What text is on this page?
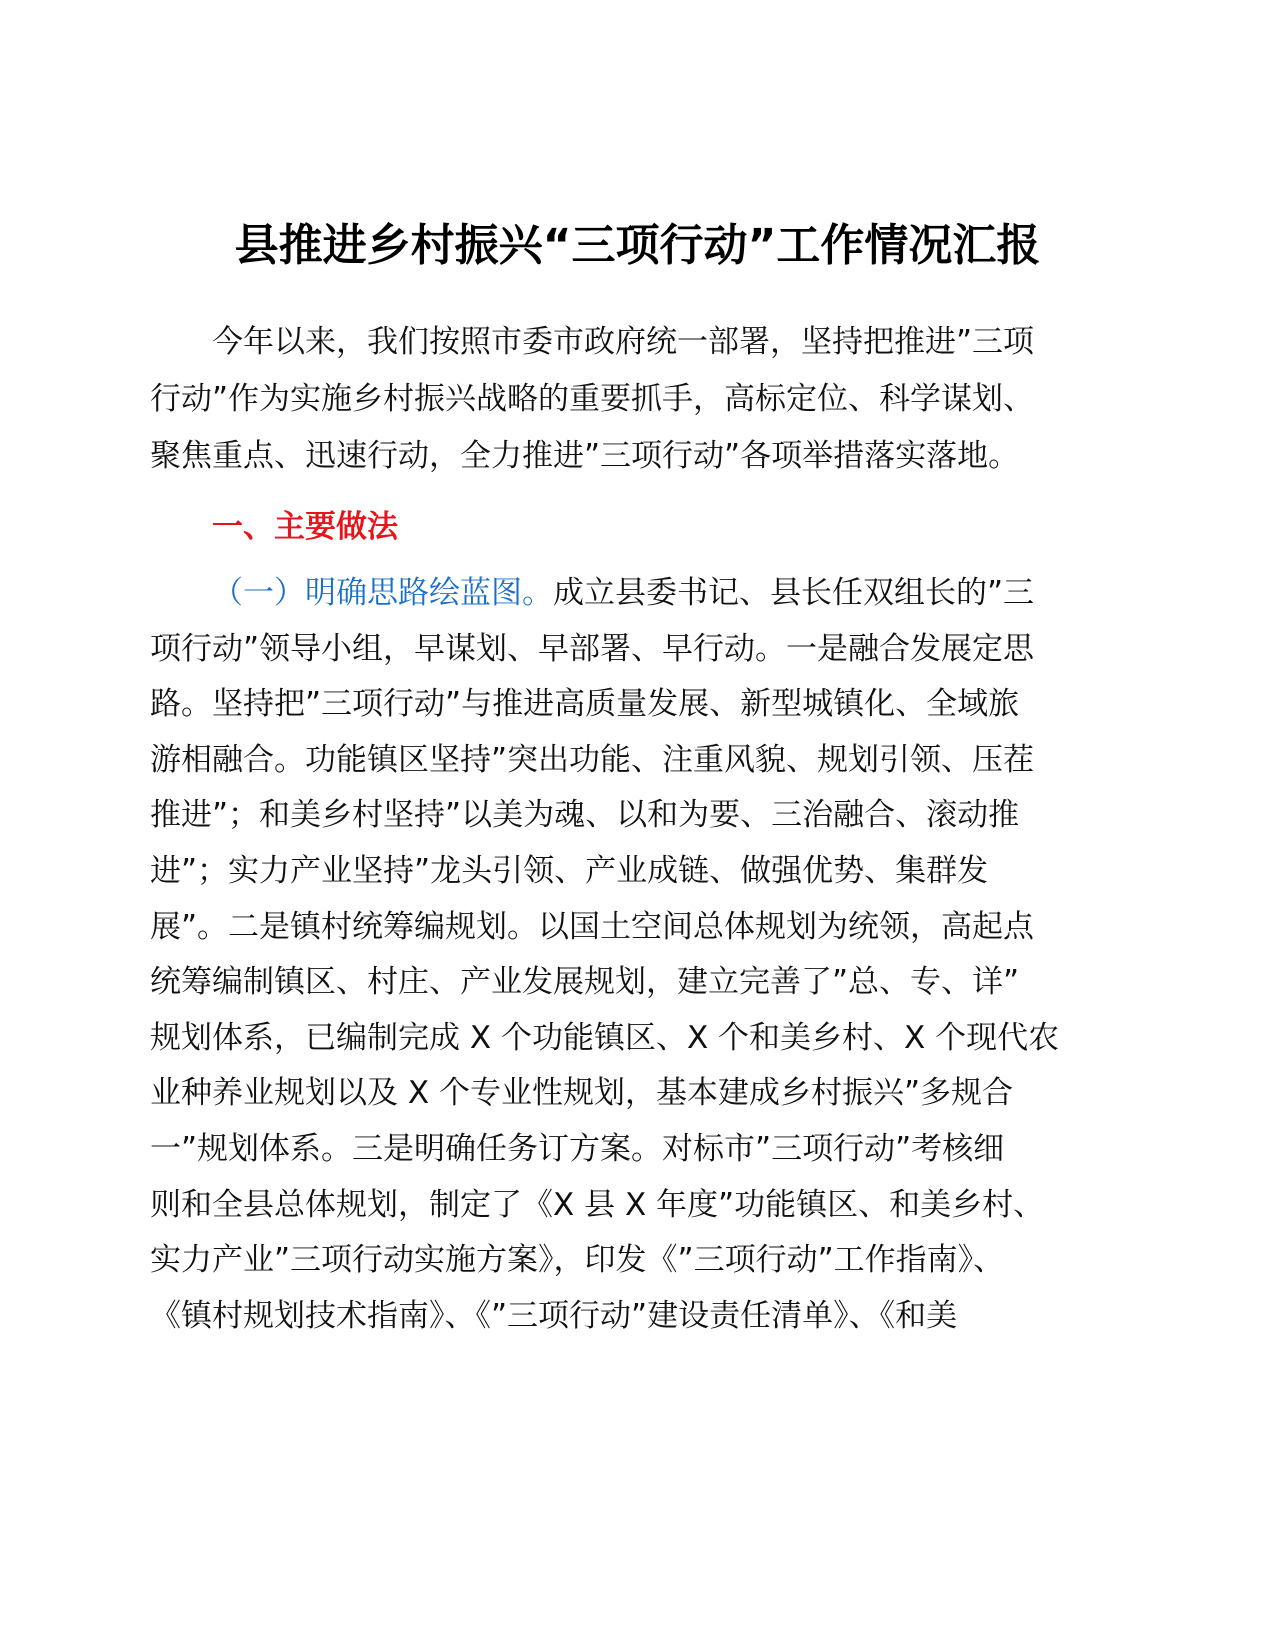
县推进乡村振兴“三项行动”工作情况汇报

今年以来，我们按照市委市政府统一部署，坚持把推进”三项
行动”作为实施乡村振兴战略的重要抓手，高标定位、科学谋划、
聚焦重点、迅速行动，全力推进”三项行动”各项举措落实落地。

一、主要做法

（一）明确思路绘蓝图。成立县委书记、县长任双组长的”三
项行动”领导小组，早谋划、早部署、早行动。一是融合发展定思
路。坚持把”三项行动”与推进高质量发展、新型城镇化、全域旅
游相融合。功能镇区坚持”突出功能、注重风貌、规划引领、压茬
推进”；和美乡村坚持”以美为魂、以和为要、三治融合、滚动推
进”；实力产业坚持”龙头引领、产业成链、做强优势、集群发
展”。二是镇村统筹编规划。以国土空间总体规划为统领，高起点
统筹编制镇区、村庄、产业发展规划，建立完善了”总、专、详”
规划体系，已编制完成 X 个功能镇区、X 个和美乡村、X 个现代农
业种养业规划以及 X 个专业性规划，基本建成乡村振兴”多规合
一”规划体系。三是明确任务订方案。对标市”三项行动”考核细
则和全县总体规划，制定了《X 县 X 年度”功能镇区、和美乡村、
实力产业”三项行动实施方案》，印发《”三项行动”工作指南》、
《镇村规划技术指南》、《”三项行动”建设责任清单》、《和美
